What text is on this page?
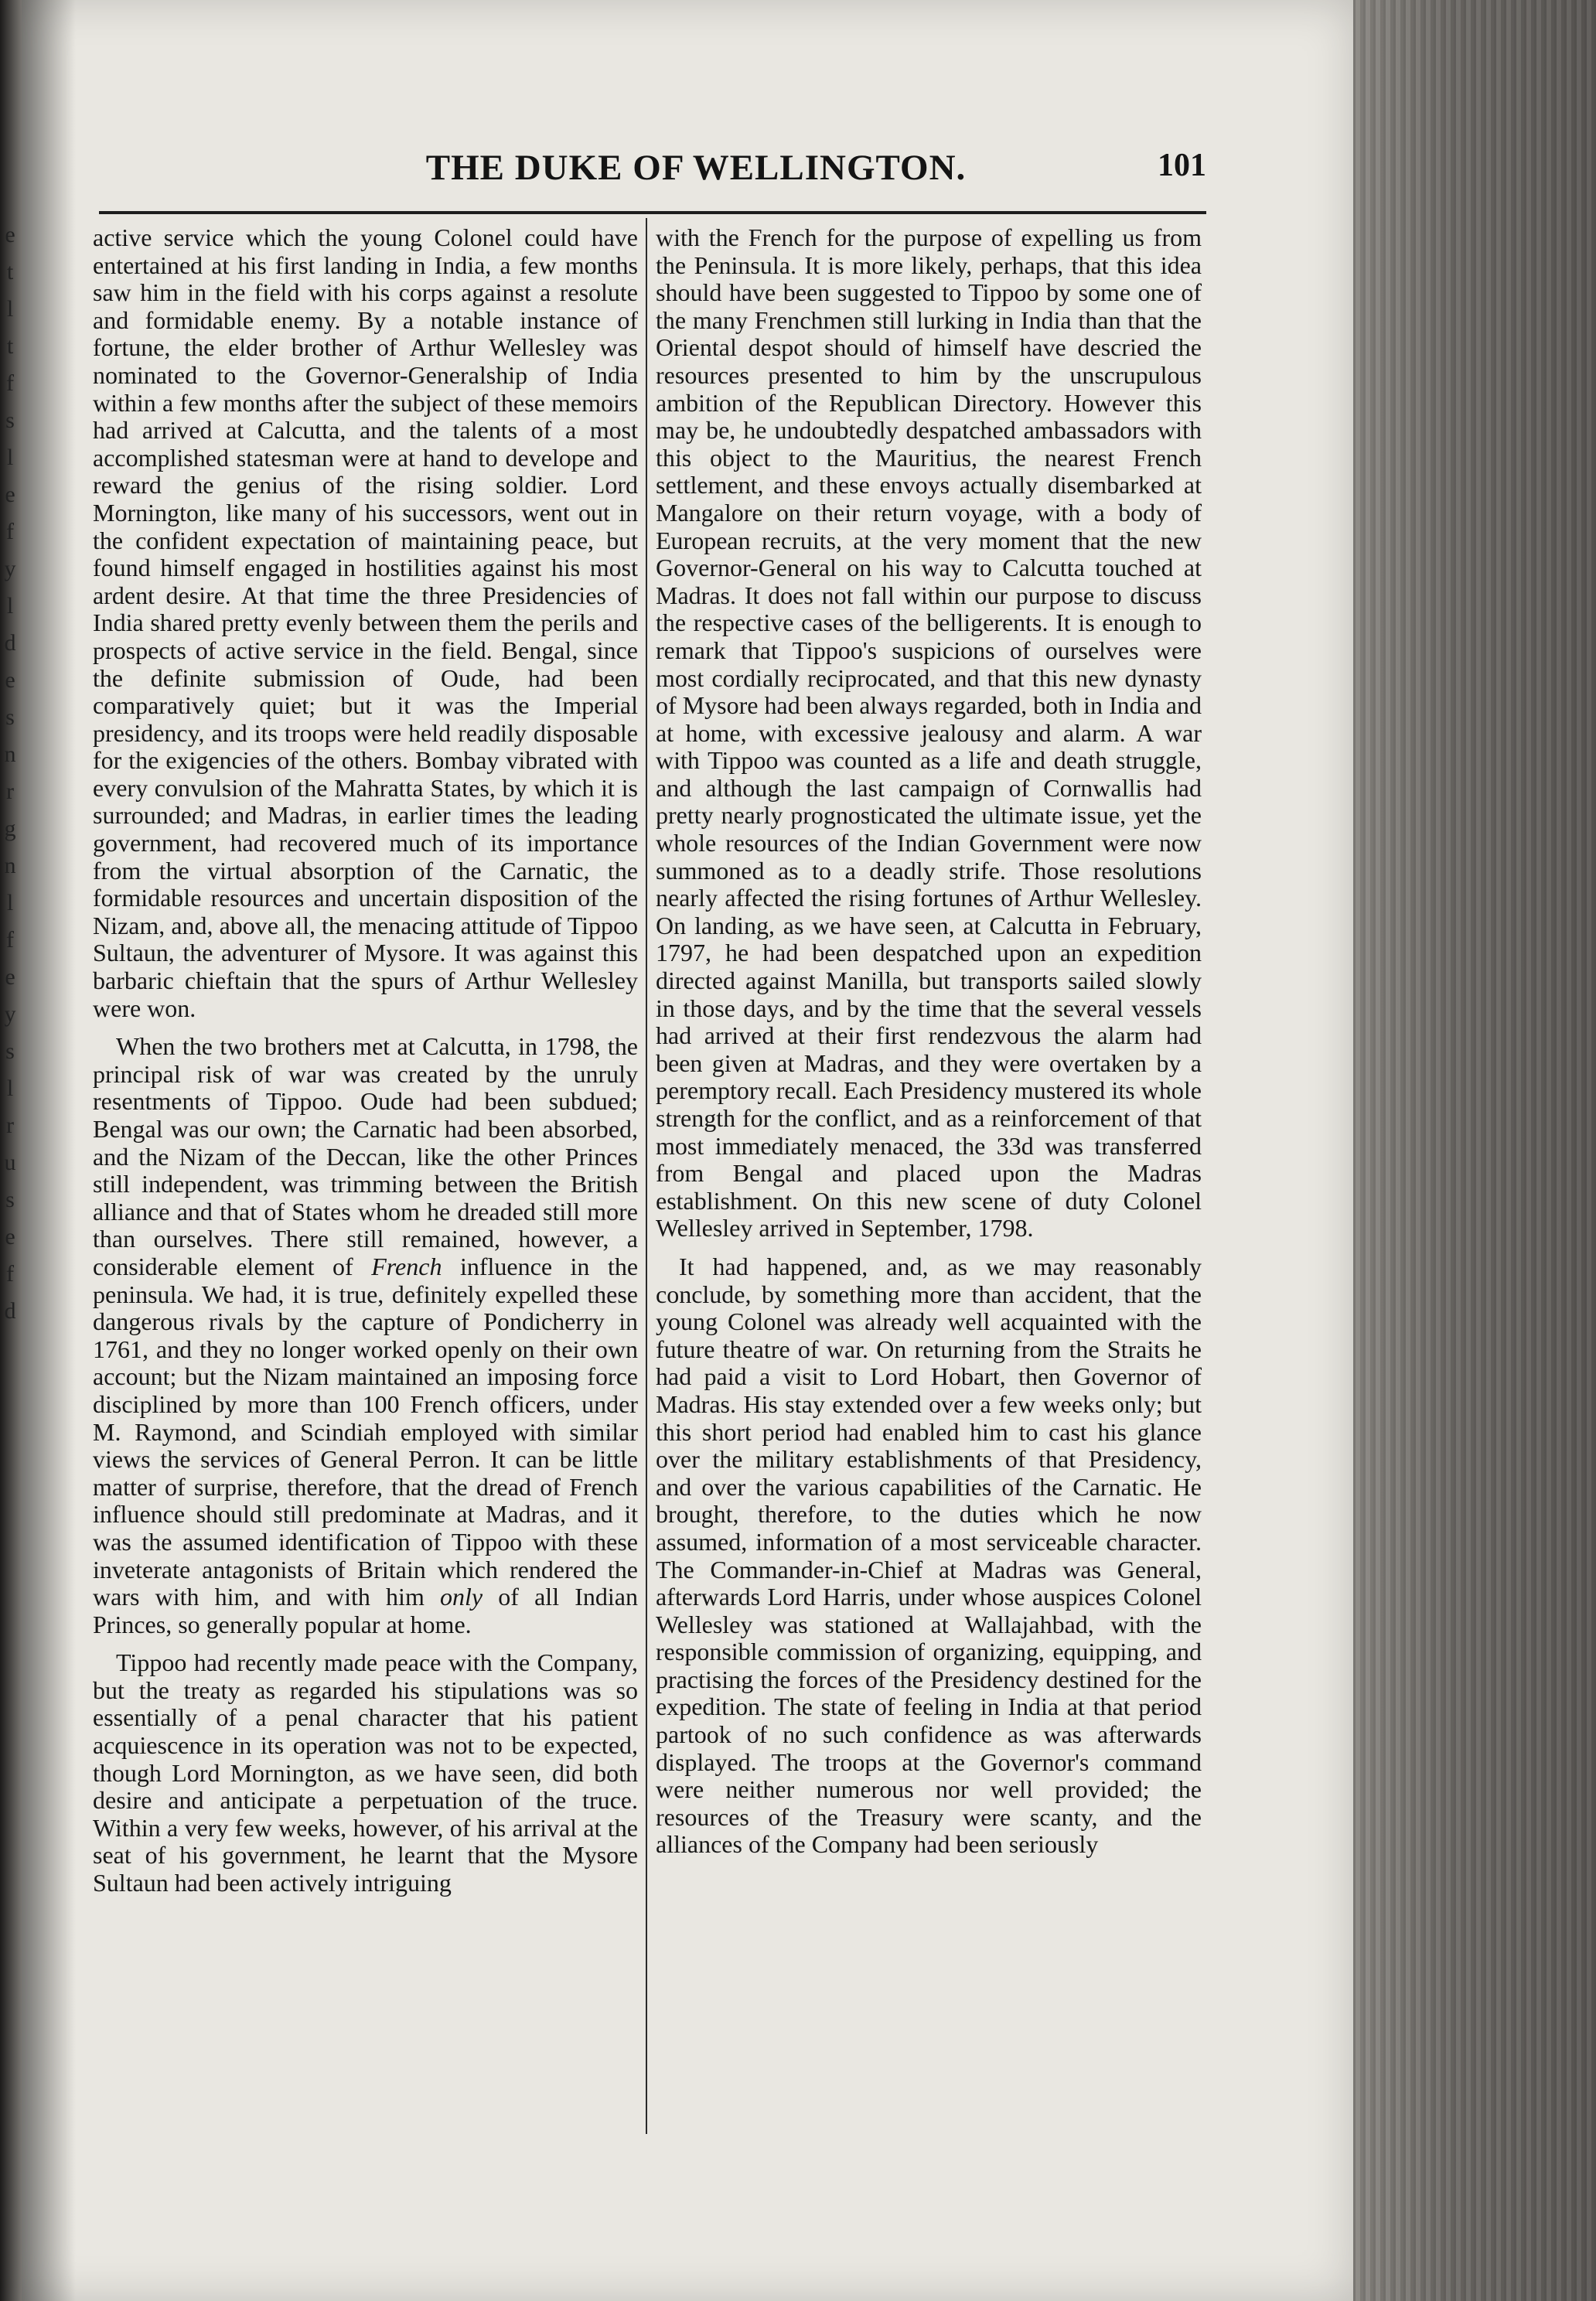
e t l t f s l e f y l d e s n r g n l f e y s l r u s e f d
THE DUKE OF WELLINGTON.	101

active service which the young Colonel could have entertained at his first landing in India, a few months saw him in the field with his corps against a resolute and formidable enemy. By a notable instance of fortune, the elder brother of Arthur Wellesley was nominated to the Governor-Generalship of India within a few months after the subject of these memoirs had arrived at Calcutta, and the talents of a most accomplished statesman were at hand to develope and reward the genius of the rising soldier. Lord Mornington, like many of his successors, went out in the confident expectation of maintaining peace, but found himself engaged in hostilities against his most ardent desire. At that time the three Presidencies of India shared pretty evenly between them the perils and prospects of active service in the field. Bengal, since the definite submission of Oude, had been comparatively quiet; but it was the Imperial presidency, and its troops were held readily disposable for the exigencies of the others. Bombay vibrated with every convulsion of the Mahratta States, by which it is surrounded; and Madras, in earlier times the leading government, had recovered much of its importance from the virtual absorption of the Carnatic, the formidable resources and uncertain disposition of the Nizam, and, above all, the menacing attitude of Tippoo Sultaun, the adventurer of Mysore. It was against this barbaric chieftain that the spurs of Arthur Wellesley were won.

When the two brothers met at Calcutta, in 1798, the principal risk of war was created by the unruly resentments of Tippoo. Oude had been subdued; Bengal was our own; the Carnatic had been absorbed, and the Nizam of the Deccan, like the other Princes still independent, was trimming between the British alliance and that of States whom he dreaded still more than ourselves. There still remained, however, a considerable element of French influence in the peninsula. We had, it is true, definitely expelled these dangerous rivals by the capture of Pondicherry in 1761, and they no longer worked openly on their own account; but the Nizam maintained an imposing force disciplined by more than 100 French officers, under M. Raymond, and Scindiah employed with similar views the services of General Perron. It can be little matter of surprise, therefore, that the dread of French influence should still predominate at Madras, and it was the assumed identification of Tippoo with these inveterate antagonists of Britain which rendered the wars with him, and with him only of all Indian Princes, so generally popular at home.

Tippoo had recently made peace with the Company, but the treaty as regarded his stipulations was so essentially of a penal character that his patient acquiescence in its operation was not to be expected, though Lord Mornington, as we have seen, did both desire and anticipate a perpetuation of the truce. Within a very few weeks, however, of his arrival at the seat of his government, he learnt that the Mysore Sultaun had been actively intriguing

with the French for the purpose of expelling us from the Peninsula. It is more likely, perhaps, that this idea should have been suggested to Tippoo by some one of the many Frenchmen still lurking in India than that the Oriental despot should of himself have descried the resources presented to him by the unscrupulous ambition of the Republican Directory. However this may be, he undoubtedly despatched ambassadors with this object to the Mauritius, the nearest French settlement, and these envoys actually disembarked at Mangalore on their return voyage, with a body of European recruits, at the very moment that the new Governor-General on his way to Calcutta touched at Madras. It does not fall within our purpose to discuss the respective cases of the belligerents. It is enough to remark that Tippoo's suspicions of ourselves were most cordially reciprocated, and that this new dynasty of Mysore had been always regarded, both in India and at home, with excessive jealousy and alarm. A war with Tippoo was counted as a life and death struggle, and although the last campaign of Cornwallis had pretty nearly prognosticated the ultimate issue, yet the whole resources of the Indian Government were now summoned as to a deadly strife. Those resolutions nearly affected the rising fortunes of Arthur Wellesley. On landing, as we have seen, at Calcutta in February, 1797, he had been despatched upon an expedition directed against Manilla, but transports sailed slowly in those days, and by the time that the several vessels had arrived at their first rendezvous the alarm had been given at Madras, and they were overtaken by a peremptory recall. Each Presidency mustered its whole strength for the conflict, and as a reinforcement of that most immediately menaced, the 33d was transferred from Bengal and placed upon the Madras establishment. On this new scene of duty Colonel Wellesley arrived in September, 1798.

It had happened, and, as we may reasonably conclude, by something more than accident, that the young Colonel was already well acquainted with the future theatre of war. On returning from the Straits he had paid a visit to Lord Hobart, then Governor of Madras. His stay extended over a few weeks only; but this short period had enabled him to cast his glance over the military establishments of that Presidency, and over the various capabilities of the Carnatic. He brought, therefore, to the duties which he now assumed, information of a most serviceable character. The Commander-in-Chief at Madras was General, afterwards Lord Harris, under whose auspices Colonel Wellesley was stationed at Wallajahbad, with the responsible commission of organizing, equipping, and practising the forces of the Presidency destined for the expedition. The state of feeling in India at that period partook of no such confidence as was afterwards displayed. The troops at the Governor's command were neither numerous nor well provided; the resources of the Treasury were scanty, and the alliances of the Company had been seriously
